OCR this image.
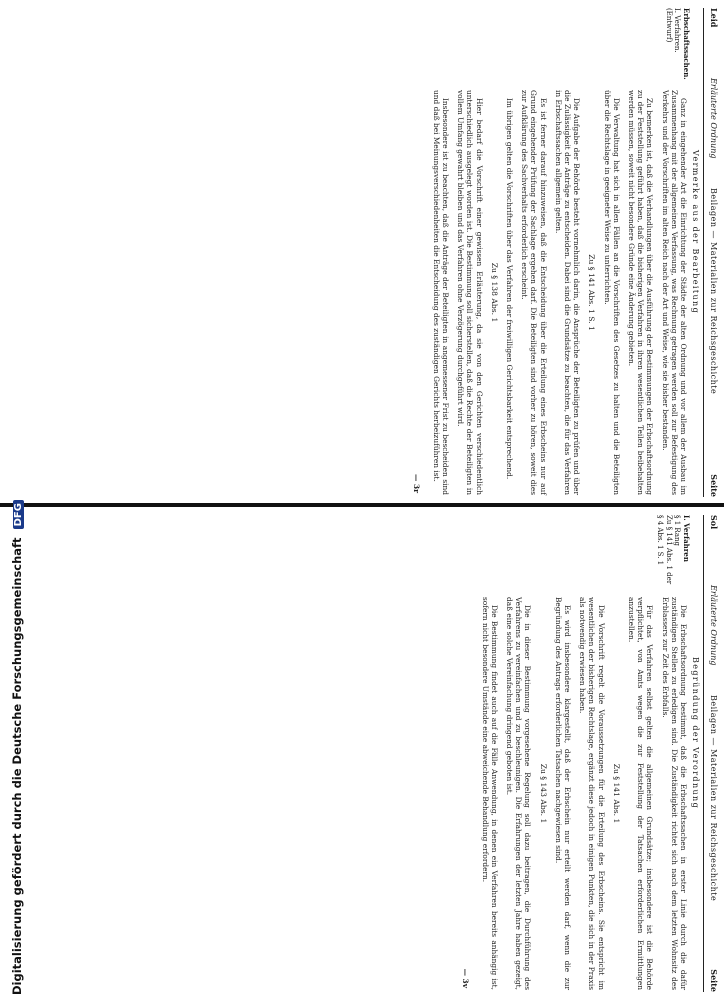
Leid
Erläuterte Ordnung
Beilagen — Materialien zur Reichsgeschichte
Seite
Vermerke aus der Bearbeitung
Erbschaftssachen.
I. Verfahren.
(Entwurf)

Ganz in eingehender Art die Einrichtung der Städte der alten Ordnung und vor allem der Ausbau im Zusammenhang mit der allgemeinen Verfassung, was Rechnung getragen werden soll zur Befestigung des Verkehrs und der Vorschriften im alten Reich nach der Art und Weise, wie sie bisher bestanden.

Zu bemerken ist, daß die Verhandlungen über die Ausführung der Bestimmungen der Erbschaftsordnung zu der Feststellung geführt haben, daß die bisherigen Verfahren in ihren wesentlichen Teilen beibehalten werden müssen, soweit nicht besondere Gründe eine Änderung gebieten.

Die Verwaltung hat sich in allen Fällen an die Vorschriften des Gesetzes zu halten und die Beteiligten über die Rechtslage in geeigneter Weise zu unterrichten.

Zu § 141 Abs. 1 S. 1

Die Aufgabe der Behörde besteht vornehmlich darin, die Ansprüche der Beteiligten zu prüfen und über die Zulässigkeit der Anträge zu entscheiden. Dabei sind die Grundsätze zu beachten, die für das Verfahren in Erbschaftssachen allgemein gelten.

Es ist ferner darauf hinzuweisen, daß die Entscheidung über die Erteilung eines Erbscheins nur auf Grund eingehender Prüfung der Sachlage ergehen darf. Die Beteiligten sind vorher zu hören, soweit dies zur Aufklärung des Sachverhalts erforderlich erscheint.

Im übrigen gelten die Vorschriften über das Verfahren der freiwilligen Gerichtsbarkeit entsprechend.

Zu § 138 Abs. 1

Hier bedarf die Vorschrift einer gewissen Erläuterung, da sie von den Gerichten verschiedentlich unterschiedlich ausgelegt worden ist. Die Bestimmung soll sicherstellen, daß die Rechte der Beteiligten in vollem Umfang gewahrt bleiben und das Verfahren ohne Verzögerung durchgeführt wird.

Insbesondere ist zu beachten, daß die Anträge der Beteiligten in angemessener Frist zu bescheiden sind und daß bei Meinungsverschiedenheiten die Entscheidung des zuständigen Gerichts herbeizuführen ist.

— 3r
Sol
Erläuterte Ordnung
Beilagen — Materialien zur Reichsgeschichte
Seite
Begründung der Verordnung
I. Verfahren
§ 1 Rang
Zu § 141 Abs. 1 der
§ 4 Abs. 1 S. 1

Die Erbschaftsordnung bestimmt, daß die Erbschaftssachen in erster Linie durch die dafür zuständigen Stellen zu erledigen sind. Die Zuständigkeit richtet sich nach dem letzten Wohnsitz des Erblassers zur Zeit des Erbfalls.

Für das Verfahren selbst gelten die allgemeinen Grundsätze; insbesondere ist die Behörde verpflichtet, von Amts wegen die zur Feststellung der Tatsachen erforderlichen Ermittlungen anzustellen.

Zu § 141 Abs. 1

Die Vorschrift regelt die Voraussetzungen für die Erteilung des Erbscheins. Sie entspricht im wesentlichen der bisherigen Rechtslage, ergänzt diese jedoch in einigen Punkten, die sich in der Praxis als notwendig erwiesen haben.

Es wird insbesondere klargestellt, daß der Erbschein nur erteilt werden darf, wenn die zur Begründung des Antrags erforderlichen Tatsachen nachgewiesen sind.

Zu § 143 Abs. 1

Die in dieser Bestimmung vorgesehene Regelung soll dazu beitragen, die Durchführung des Verfahrens zu vereinfachen und zu beschleunigen. Die Erfahrungen der letzten Jahre haben gezeigt, daß eine solche Vereinfachung dringend geboten ist.

Die Bestimmung findet auch auf die Fälle Anwendung, in denen ein Verfahren bereits anhängig ist, sofern nicht besondere Umstände eine abweichende Behandlung erfordern.

— 3v
Digitalisierung gefördert durch die Deutsche Forschungsgemeinschaft DFG
